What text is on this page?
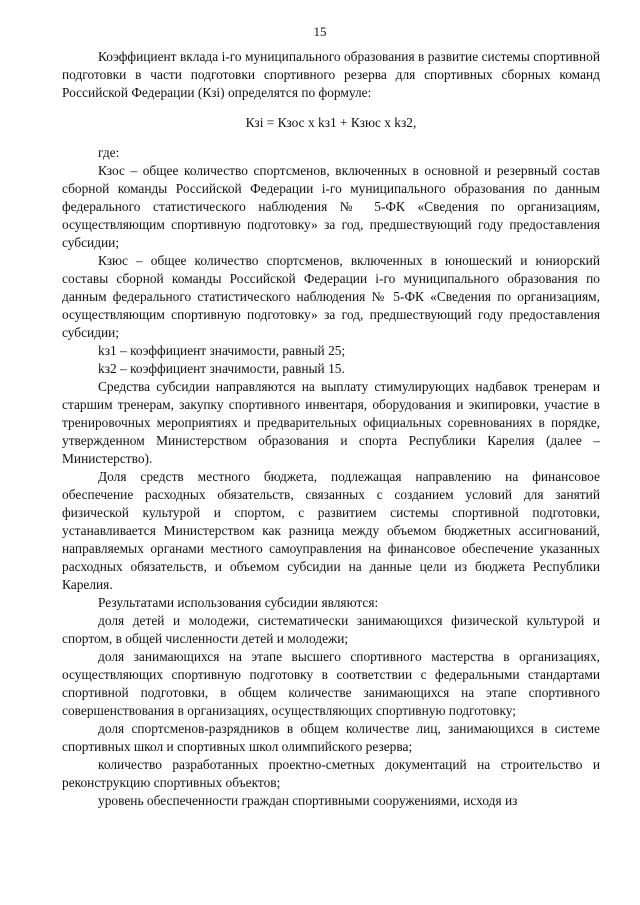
15

Коэффициент вклада i-го муниципального образования в развитие системы спортивной подготовки в части подготовки спортивного резерва для спортивных сборных команд Российской Федерации (Кзi) определятся по формуле:

Кзi = Кзос х kз1 + Кзюс х kз2,

где:

Кзос – общее количество спортсменов, включенных в основной и резервный состав сборной команды Российской Федерации i-го муниципального образования по данным федерального статистического наблюдения № 5-ФК «Сведения по организациям, осуществляющим спортивную подготовку» за год, предшествующий году предоставления субсидии;

Кзюс – общее количество спортсменов, включенных в юношеский и юниорский составы сборной команды Российской Федерации i-го муниципального образования по данным федерального статистического наблюдения № 5-ФК «Сведения по организациям, осуществляющим спортивную подготовку» за год, предшествующий году предоставления субсидии;

kз1 – коэффициент значимости, равный 25;

kз2 – коэффициент значимости, равный 15.

Средства субсидии направляются на выплату стимулирующих надбавок тренерам и старшим тренерам, закупку спортивного инвентаря, оборудования и экипировки, участие в тренировочных мероприятиях и предварительных официальных соревнованиях в порядке, утвержденном Министерством образования и спорта Республики Карелия (далее – Министерство).

Доля средств местного бюджета, подлежащая направлению на финансовое обеспечение расходных обязательств, связанных с созданием условий для занятий физической культурой и спортом, с развитием системы спортивной подготовки, устанавливается Министерством как разница между объемом бюджетных ассигнований, направляемых органами местного самоуправления на финансовое обеспечение указанных расходных обязательств, и объемом субсидии на данные цели из бюджета Республики Карелия.

Результатами использования субсидии являются:

доля детей и молодежи, систематически занимающихся физической культурой и спортом, в общей численности детей и молодежи;

доля занимающихся на этапе высшего спортивного мастерства в организациях, осуществляющих спортивную подготовку в соответствии с федеральными стандартами спортивной подготовки, в общем количестве занимающихся на этапе спортивного совершенствования в организациях, осуществляющих спортивную подготовку;

доля спортсменов-разрядников в общем количестве лиц, занимающихся в системе спортивных школ и спортивных школ олимпийского резерва;

количество разработанных проектно-сметных документаций на строительство и реконструкцию спортивных объектов;

уровень обеспеченности граждан спортивными сооружениями, исходя из
